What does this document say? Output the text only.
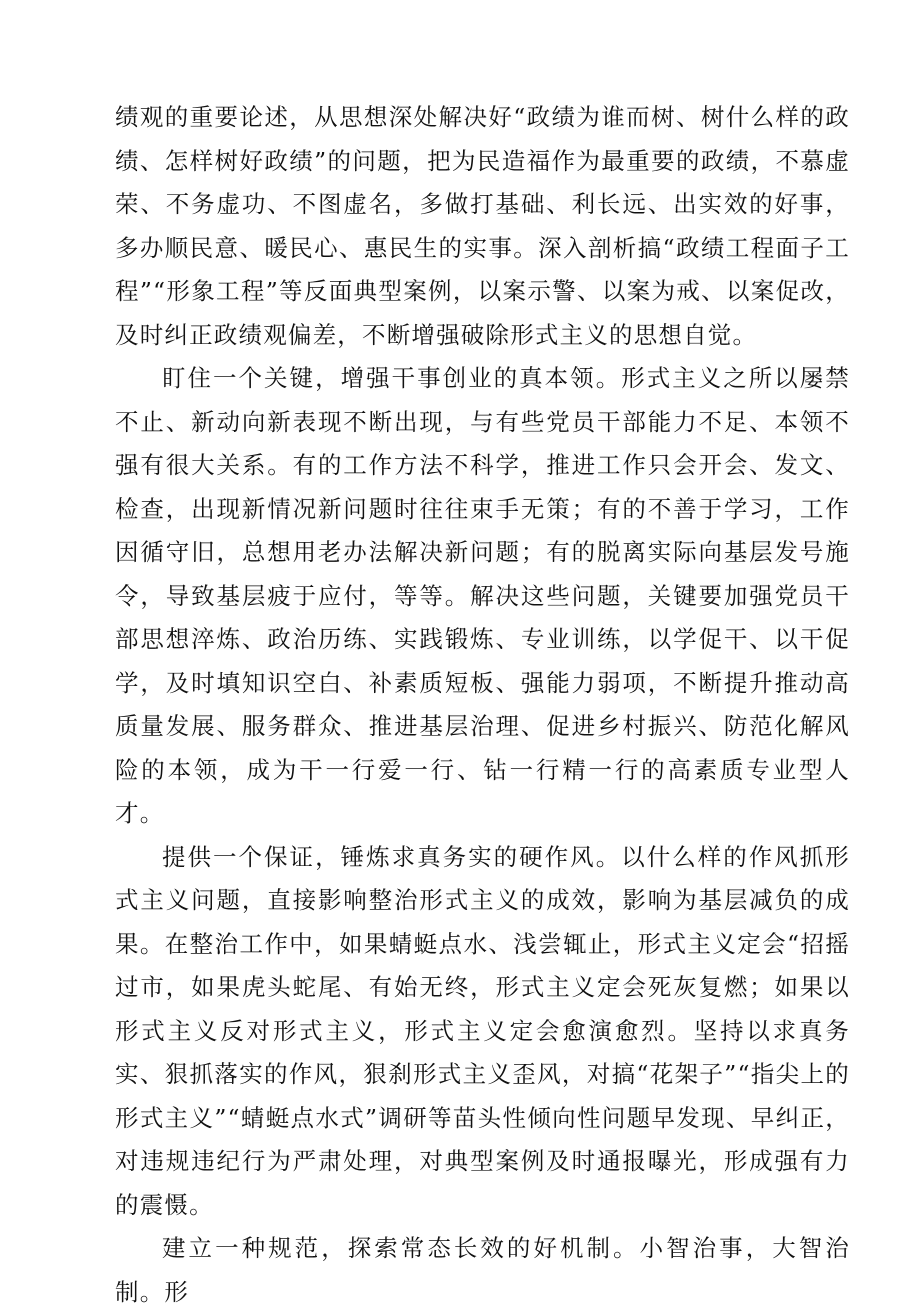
绩观的重要论述，从思想深处解决好“政绩为谁而树、树什么样的政绩、怎样树好政绩”的问题，把为民造福作为最重要的政绩，不慕虚荣、不务虚功、不图虚名，多做打基础、利长远、出实效的好事，多办顺民意、暖民心、惠民生的实事。深入剖析搞“政绩工程面子工程”“形象工程”等反面典型案例，以案示警、以案为戒、以案促改，及时纠正政绩观偏差，不断增强破除形式主义的思想自觉。

盯住一个关键，增强干事创业的真本领。形式主义之所以屡禁不止、新动向新表现不断出现，与有些党员干部能力不足、本领不强有很大关系。有的工作方法不科学，推进工作只会开会、发文、检查，出现新情况新问题时往往束手无策；有的不善于学习，工作因循守旧，总想用老办法解决新问题；有的脱离实际向基层发号施令，导致基层疲于应付，等等。解决这些问题，关键要加强党员干部思想淬炼、政治历练、实践锻炼、专业训练，以学促干、以干促学，及时填知识空白、补素质短板、强能力弱项，不断提升推动高质量发展、服务群众、推进基层治理、促进乡村振兴、防范化解风险的本领，成为干一行爱一行、钻一行精一行的高素质专业型人才。

提供一个保证，锤炼求真务实的硬作风。以什么样的作风抓形式主义问题，直接影响整治形式主义的成效，影响为基层减负的成果。在整治工作中，如果蜻蜓点水、浅尝辄止，形式主义定会“招摇过市，如果虎头蛇尾、有始无终，形式主义定会死灰复燃；如果以形式主义反对形式主义，形式主义定会愈演愈烈。坚持以求真务实、狠抓落实的作风，狠刹形式主义歪风，对搞“花架子”“指尖上的形式主义”“蜻蜓点水式”调研等苗头性倾向性问题早发现、早纠正，对违规违纪行为严肃处理，对典型案例及时通报曝光，形成强有力的震慑。

建立一种规范，探索常态长效的好机制。小智治事，大智治制。形
